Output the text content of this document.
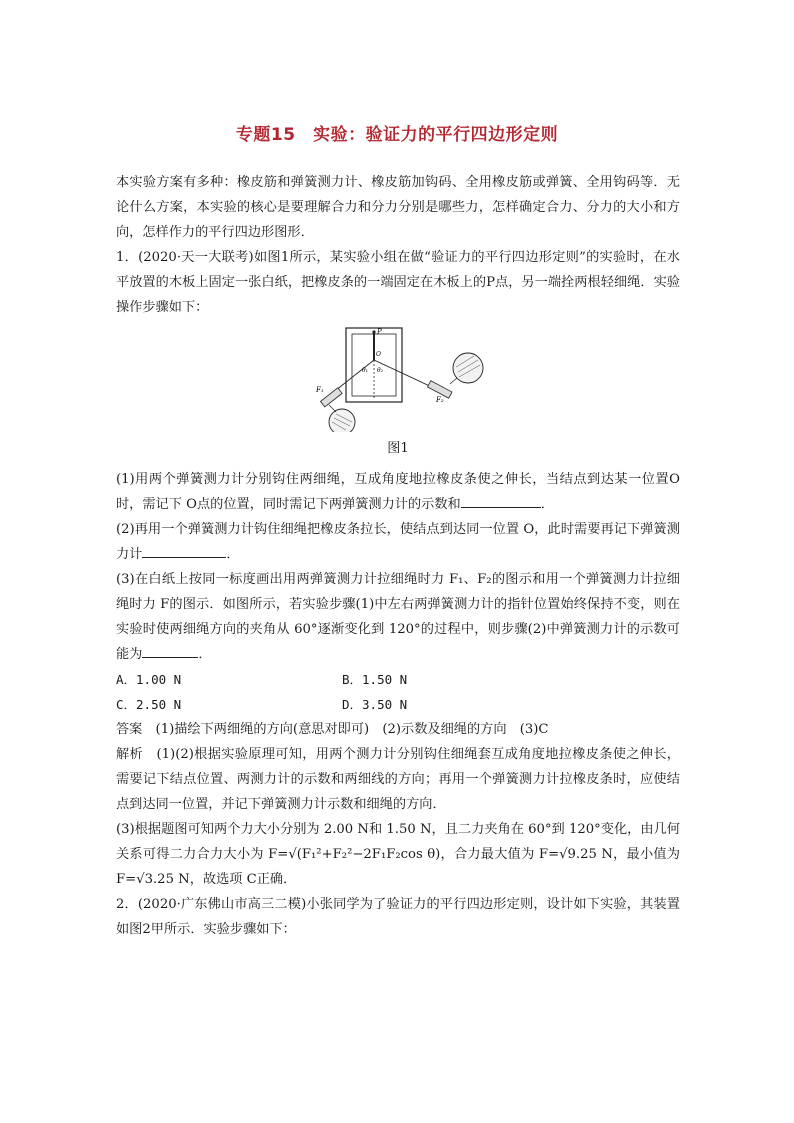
专题15　实验：验证力的平行四边形定则

本实验方案有多种：橡皮筋和弹簧测力计、橡皮筋加钩码、全用橡皮筋或弹簧、全用钩码等．无论什么方案，本实验的核心是要理解合力和分力分别是哪些力，怎样确定合力、分力的大小和方向，怎样作力的平行四边形图形．

1．(2020·天一大联考)如图1所示，某实验小组在做“验证力的平行四边形定则”的实验时，在水平放置的木板上固定一张白纸，把橡皮条的一端固定在木板上的P点，另一端拴两根轻细绳．实验操作步骤如下：

P
O
θ₁ θ₂
F₁
F₂
图1

(1)用两个弹簧测力计分别钩住两细绳，互成角度地拉橡皮条使之伸长，当结点到达某一位置O时，需记下 O点的位置，同时需记下两弹簧测力计的示数和	．

(2)再用一个弹簧测力计钩住细绳把橡皮条拉长，使结点到达同一位置 O，此时需要再记下弹簧测力计	．

(3)在白纸上按同一标度画出用两弹簧测力计拉细绳时力 F₁、F₂的图示和用一个弹簧测力计拉细绳时力 F的图示．如图所示，若实验步骤(1)中左右两弹簧测力计的指针位置始终保持不变，则在实验时使两细绳方向的夹角从 60°逐渐变化到 120°的过程中，则步骤(2)中弹簧测力计的示数可能为	．

A．1.00 N	B．1.50 N
C．2.50 N	D．3.50 N

答案　(1)描绘下两细绳的方向(意思对即可)　(2)示数及细绳的方向　(3)C

解析　(1)(2)根据实验原理可知，用两个测力计分别钩住细绳套互成角度地拉橡皮条使之伸长，需要记下结点位置、两测力计的示数和两细线的方向；再用一个弹簧测力计拉橡皮条时，应使结点到达同一位置，并记下弹簧测力计示数和细绳的方向．

(3)根据题图可知两个力大小分别为 2.00 N和 1.50 N，且二力夹角在 60°到 120°变化，由几何关系可得二力合力大小为 F=√(F₁²+F₂²−2F₁F₂cos θ)，合力最大值为 F=√9.25 N，最小值为 F=√3.25 N，故选项 C正确．

2．(2020·广东佛山市高三二模)小张同学为了验证力的平行四边形定则，设计如下实验，其装置如图2甲所示．实验步骤如下：
